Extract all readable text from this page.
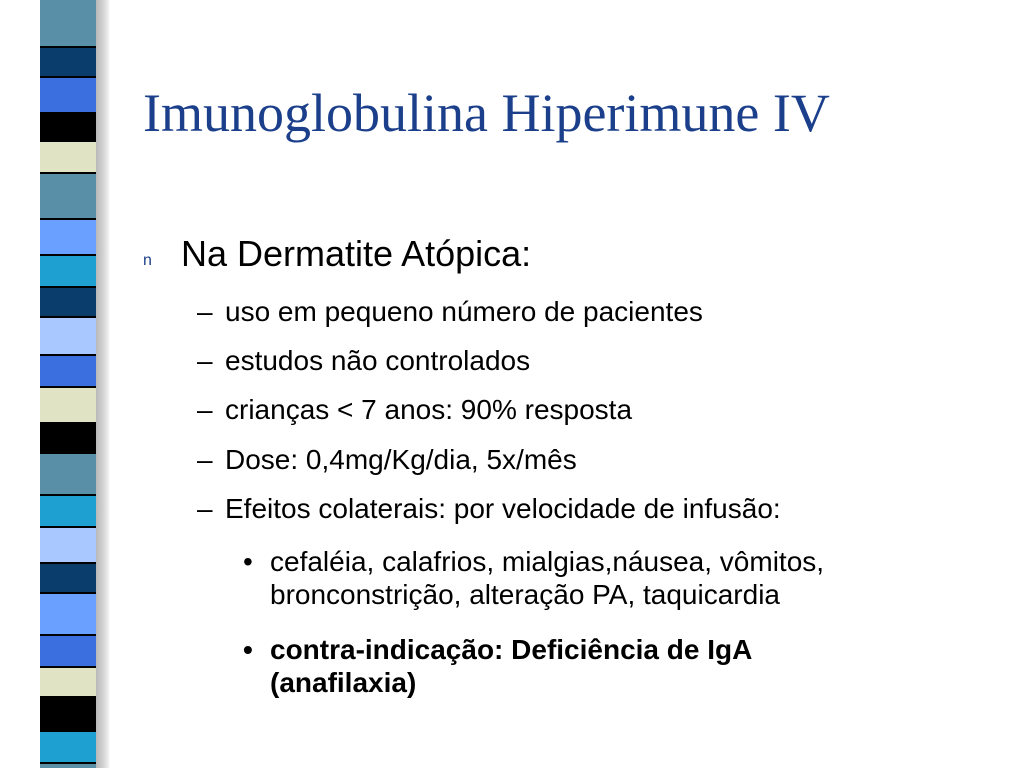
Imunoglobulina Hiperimune IV
n Na Dermatite Atópica:
– uso em pequeno número de pacientes
– estudos não controlados
– crianças < 7 anos: 90% resposta
– Dose: 0,4mg/Kg/dia, 5x/mês
– Efeitos colaterais: por velocidade de infusão:
• cefaléia, calafrios, mialgias,náusea, vômitos,
bronconstrição, alteração PA, taquicardia
• contra-indicação: Deficiência de IgA
(anafilaxia)
